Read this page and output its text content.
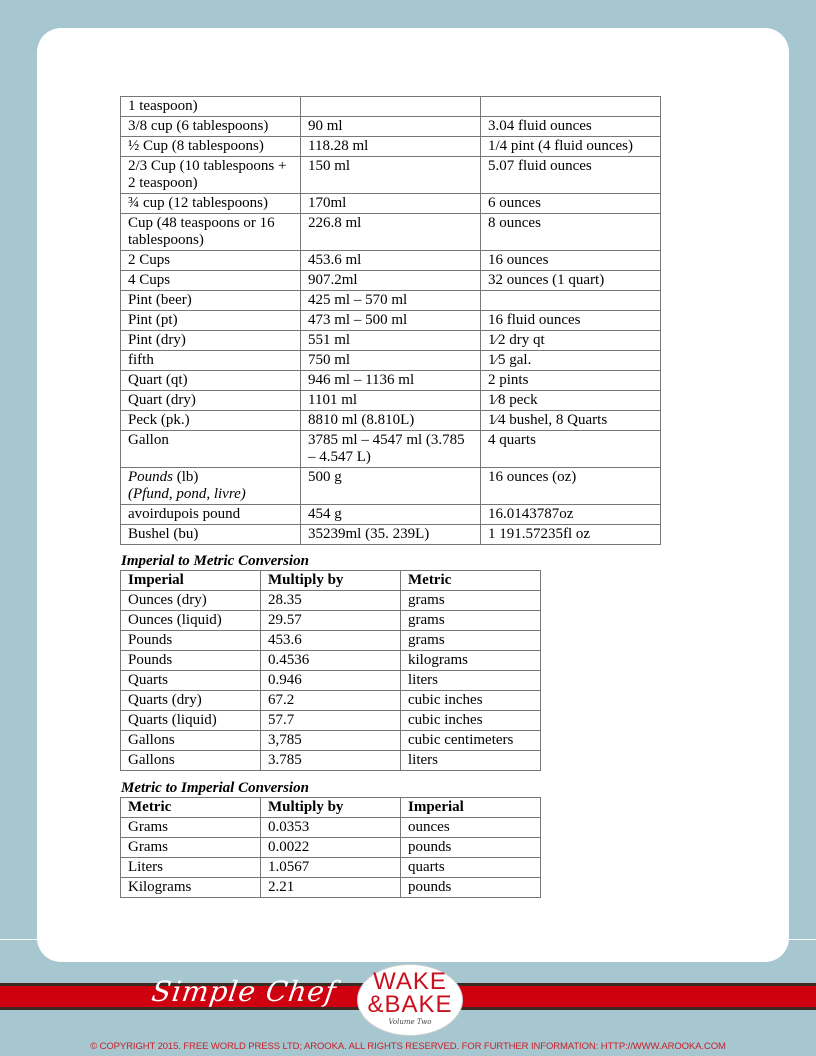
1 teaspoon)		
3/8 cup (6 tablespoons)	90 ml	3.04 fluid ounces
½ Cup (8 tablespoons)	118.28 ml	1/4 pint (4 fluid ounces)
2/3 Cup (10 tablespoons + 2 teaspoon)	150 ml	5.07 fluid ounces
¾ cup (12 tablespoons)	170ml	6 ounces
Cup (48 teaspoons or 16 tablespoons)	226.8 ml	8 ounces
2 Cups	453.6 ml	16 ounces
4 Cups	907.2ml	32 ounces (1 quart)
Pint (beer)	425 ml – 570 ml	
Pint (pt)	473 ml – 500 ml	16 fluid ounces
Pint (dry)	551 ml	1⁄2 dry qt
fifth	750 ml	1⁄5 gal.
Quart (qt)	946 ml – 1136 ml	2 pints
Quart (dry)	1101 ml	1⁄8 peck
Peck (pk.)	8810 ml (8.810L)	1⁄4 bushel, 8 Quarts
Gallon	3785 ml – 4547 ml (3.785 – 4.547 L)	4 quarts
Pounds (lb)
(Pfund, pond, livre)	500 g	16 ounces (oz)
avoirdupois pound	454 g	16.0143787oz
Bushel (bu)	35239ml (35. 239L)	1 191.57235fl oz
Imperial to Metric Conversion
Imperial	Multiply by	Metric
Ounces (dry)	28.35	grams
Ounces (liquid)	29.57	grams
Pounds	453.6	grams
Pounds	0.4536	kilograms
Quarts	0.946	liters
Quarts (dry)	67.2	cubic inches
Quarts (liquid)	57.7	cubic inches
Gallons	3,785	cubic centimeters
Gallons	3.785	liters
Metric to Imperial Conversion
Metric	Multiply by	Imperial
Grams	0.0353	ounces
Grams	0.0022	pounds
Liters	1.0567	quarts
Kilograms	2.21	pounds
Simple Chef	WAKE
&BAKE
Volume Two
© COPYRIGHT 2015. FREE WORLD PRESS LTD; AROOKA. ALL RIGHTS RESERVED. FOR FURTHER INFORMATION: HTTP://WWW.AROOKA.COM
